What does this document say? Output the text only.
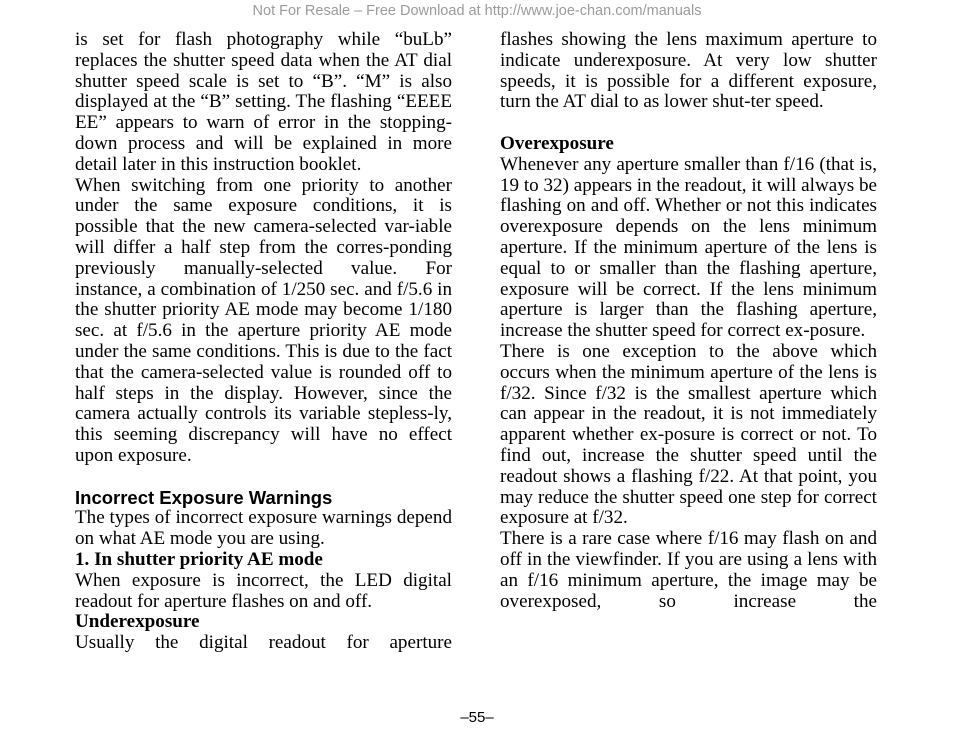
Not For Resale – Free Download at http://www.joe-chan.com/manuals

is set for flash photography while “buLb” replaces the shutter speed data when the AT dial shutter speed scale is set to “B”. “M” is also displayed at the “B” setting. The flashing “EEEE EE” appears to warn of error in the stopping-down process and will be explained in more detail later in this instruction booklet.

When switching from one priority to another under the same exposure conditions, it is possible that the new camera-selected var-iable will differ a half step from the corres-ponding previously manually-selected value. For instance, a combination of 1/250 sec. and f/5.6 in the shutter priority AE mode may become 1/180 sec. at f/5.6 in the aperture priority AE mode under the same conditions. This is due to the fact that the camera-selected value is rounded off to half steps in the display. However, since the camera actually controls its variable stepless-ly, this seeming discrepancy will have no effect upon exposure.

Incorrect Exposure Warnings

The types of incorrect exposure warnings depend on what AE mode you are using.

1. In shutter priority AE mode

When exposure is incorrect, the LED digital readout for aperture flashes on and off.

Underexposure

Usually the digital readout for aperture

flashes showing the lens maximum aperture to indicate underexposure. At very low shutter speeds, it is possible for a different exposure, turn the AT dial to as lower shut-ter speed.

Overexposure

Whenever any aperture smaller than f/16 (that is, 19 to 32) appears in the readout, it will always be flashing on and off. Whether or not this indicates overexposure depends on the lens minimum aperture. If the minimum aperture of the lens is equal to or smaller than the flashing aperture, exposure will be correct. If the lens minimum aperture is larger than the flashing aperture, increase the shutter speed for correct ex-posure.

There is one exception to the above which occurs when the minimum aperture of the lens is f/32. Since f/32 is the smallest aperture which can appear in the readout, it is not immediately apparent whether ex-posure is correct or not. To find out, increase the shutter speed until the readout shows a flashing f/22. At that point, you may reduce the shutter speed one step for correct exposure at f/32.

There is a rare case where f/16 may flash on and off in the viewfinder. If you are using a lens with an f/16 minimum aperture, the image may be overexposed, so increase the

–55–
